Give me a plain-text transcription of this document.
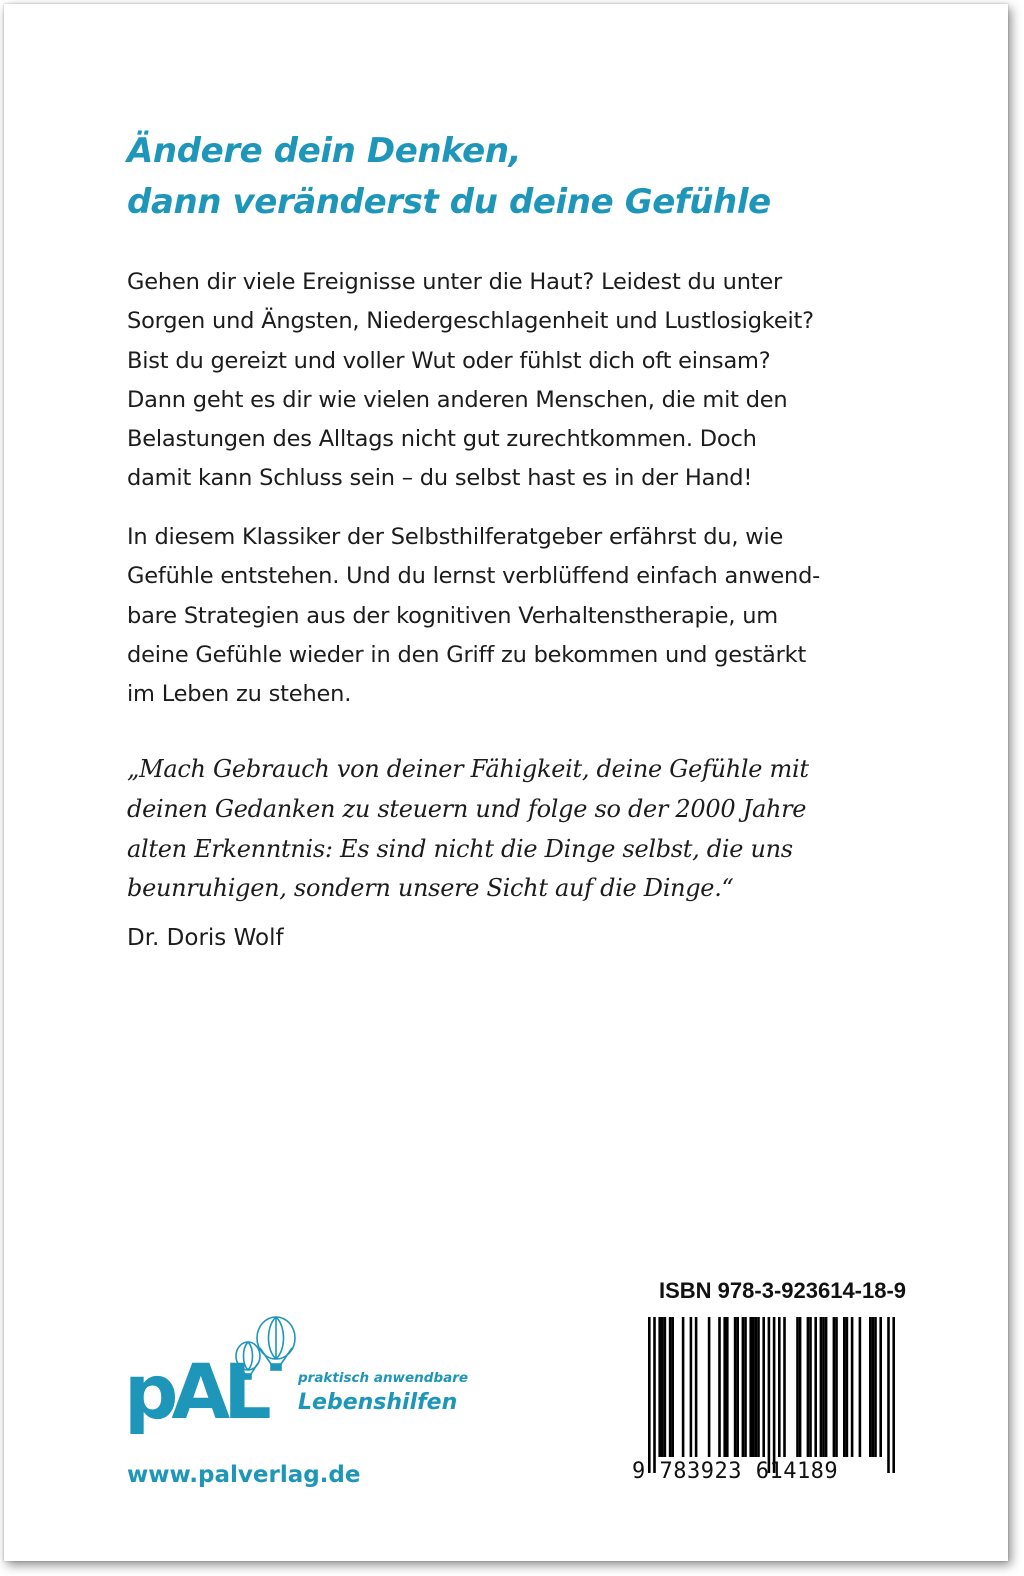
Ändere dein Denken,
dann veränderst du deine Gefühle
Gehen dir viele Ereignisse unter die Haut? Leidest du unter
Sorgen und Ängsten, Niedergeschlagenheit und Lustlosigkeit?
Bist du gereizt und voller Wut oder fühlst dich oft einsam?
Dann geht es dir wie vielen anderen Menschen, die mit den
Belastungen des Alltags nicht gut zurechtkommen. Doch
damit kann Schluss sein – du selbst hast es in der Hand!
In diesem Klassiker der Selbsthilferatgeber erfährst du, wie
Gefühle entstehen. Und du lernst verblüffend einfach anwend-
bare Strategien aus der kognitiven Verhaltenstherapie, um
deine Gefühle wieder in den Griff zu bekommen und gestärkt
im Leben zu stehen.
„Mach Gebrauch von deiner Fähigkeit, deine Gefühle mit
deinen Gedanken zu steuern und folge so der 2000 Jahre
alten Erkenntnis: Es sind nicht die Dinge selbst, die uns
beunruhigen, sondern unsere Sicht auf die Dinge.“
Dr. Doris Wolf
pAL praktisch anwendbare
Lebenshilfen
www.palverlag.de
ISBN 978-3-923614-18-9
9 783923 614189
